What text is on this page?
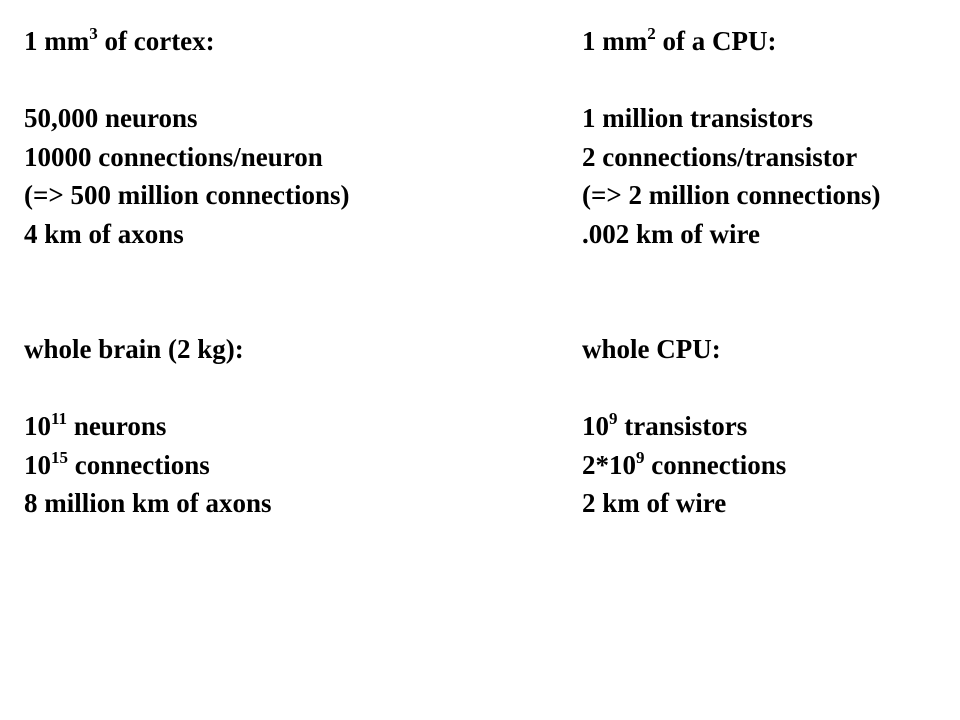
1 $mm^3$ of cortex:
50,000 neurons
10000 connections/neuron
(=> 500 million connections)
4 km of axons
whole brain (2 kg):
$10^{11}$ neurons
$10^{15}$ connections
8 million km of axons
1 $mm^2$ of a CPU:
1 million transistors
2 connections/transistor
(=> 2 million connections)
.002 km of wire
whole CPU:
$10^9$ transistors
$2*10^9$ connections
2 km of wire
